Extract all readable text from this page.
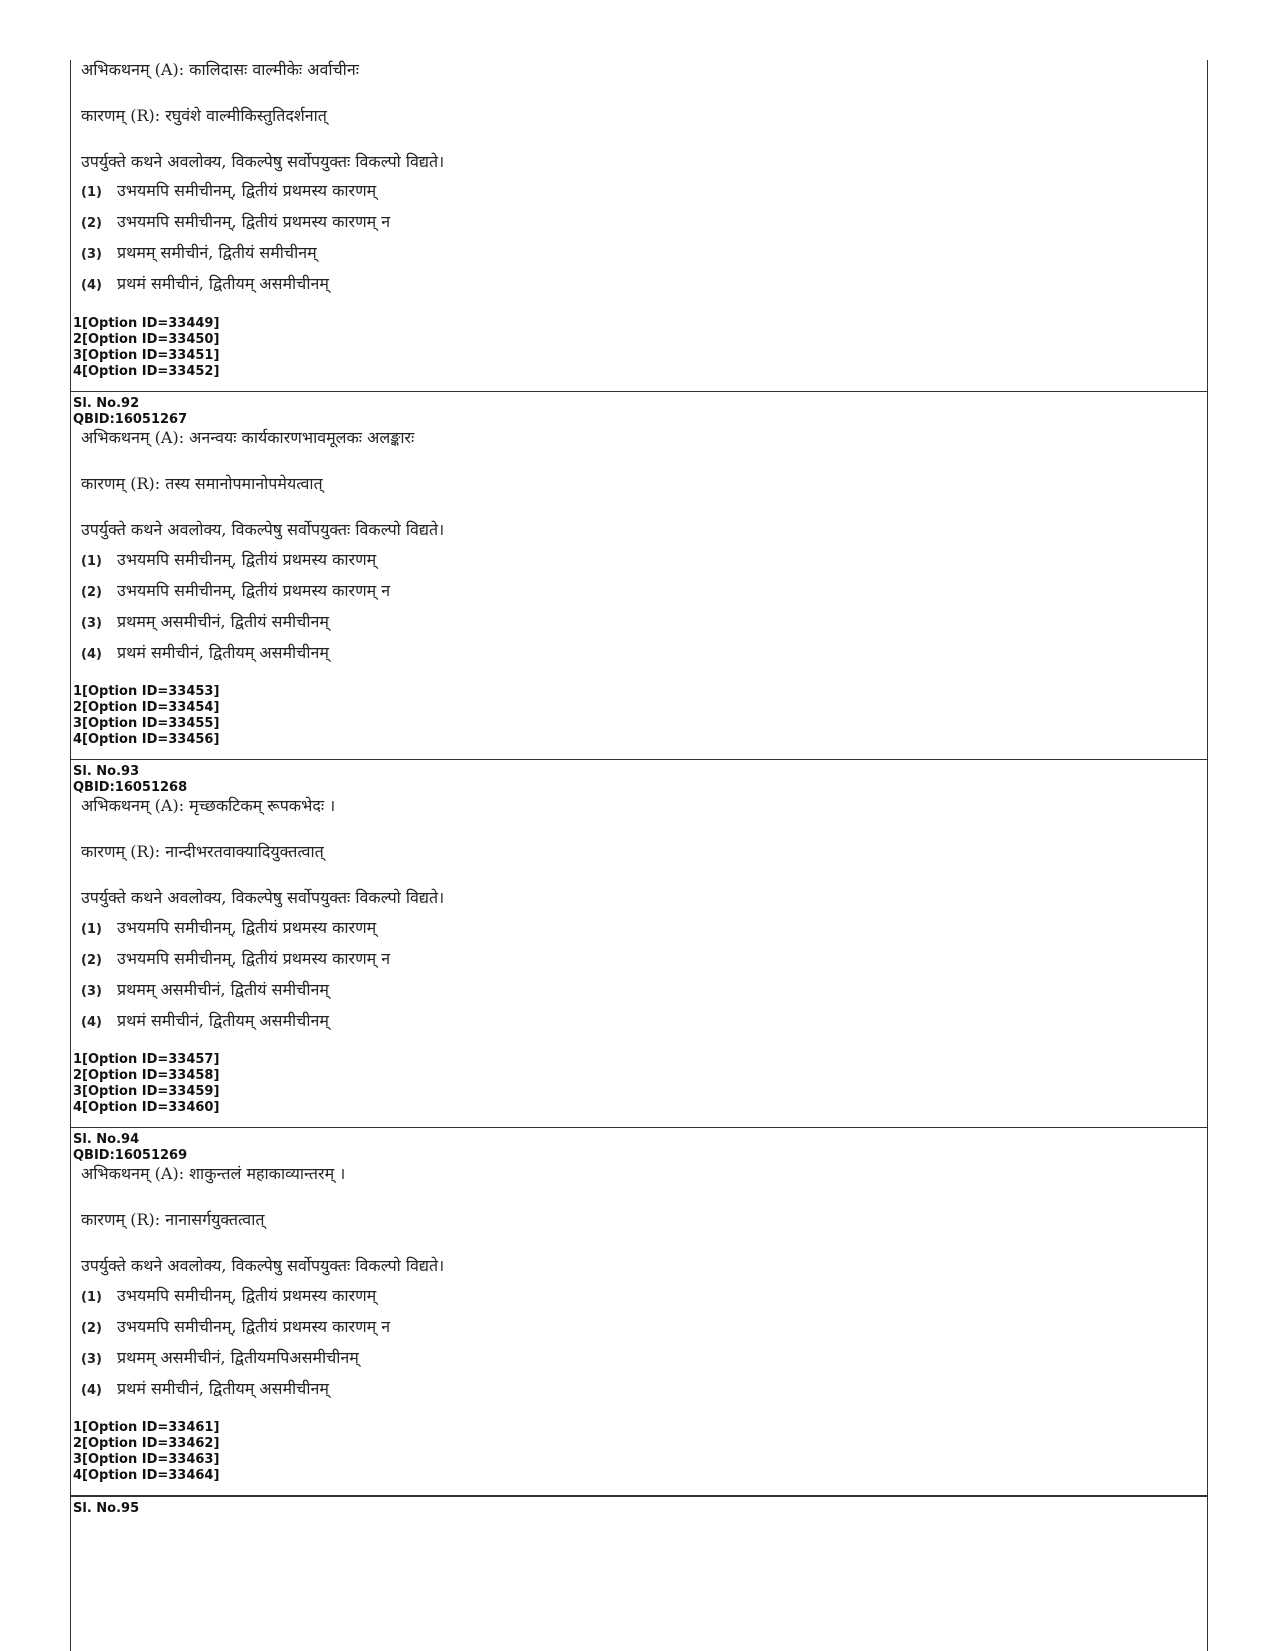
अभिकथनम् (A): कालिदासः वाल्मीकेः अर्वाचीनः
कारणम् (R): रघुवंशे वाल्मीकिस्तुतिदर्शनात्
उपर्युक्ते कथने अवलोक्य, विकल्पेषु सर्वोपयुक्तः विकल्पो विद्यते।
(1) उभयमपि समीचीनम्, द्वितीयं प्रथमस्य कारणम्
(2) उभयमपि समीचीनम्, द्वितीयं प्रथमस्य कारणम् न
(3) प्रथमम् समीचीनं, द्वितीयं समीचीनम्
(4) प्रथमं समीचीनं, द्वितीयम् असमीचीनम्
1[Option ID=33449]
2[Option ID=33450]
3[Option ID=33451]
4[Option ID=33452]
Sl. No.92
QBID:16051267
अभिकथनम् (A): अनन्वयः कार्यकारणभावमूलकः अलङ्कारः
कारणम् (R): तस्य समानोपमानोपमेयत्वात्
उपर्युक्ते कथने अवलोक्य, विकल्पेषु सर्वोपयुक्तः विकल्पो विद्यते।
(1) उभयमपि समीचीनम्, द्वितीयं प्रथमस्य कारणम्
(2) उभयमपि समीचीनम्, द्वितीयं प्रथमस्य कारणम् न
(3) प्रथमम् असमीचीनं, द्वितीयं समीचीनम्
(4) प्रथमं समीचीनं, द्वितीयम् असमीचीनम्
1[Option ID=33453]
2[Option ID=33454]
3[Option ID=33455]
4[Option ID=33456]
Sl. No.93
QBID:16051268
अभिकथनम् (A): मृच्छकटिकम् रूपकभेदः ।
कारणम् (R): नान्दीभरतवाक्यादियुक्तत्वात्
उपर्युक्ते कथने अवलोक्य, विकल्पेषु सर्वोपयुक्तः विकल्पो विद्यते।
(1) उभयमपि समीचीनम्, द्वितीयं प्रथमस्य कारणम्
(2) उभयमपि समीचीनम्, द्वितीयं प्रथमस्य कारणम् न
(3) प्रथमम् असमीचीनं, द्वितीयं समीचीनम्
(4) प्रथमं समीचीनं, द्वितीयम् असमीचीनम्
1[Option ID=33457]
2[Option ID=33458]
3[Option ID=33459]
4[Option ID=33460]
Sl. No.94
QBID:16051269
अभिकथनम् (A): शाकुन्तलं महाकाव्यान्तरम् ।
कारणम् (R): नानासर्गयुक्तत्वात्
उपर्युक्ते कथने अवलोक्य, विकल्पेषु सर्वोपयुक्तः विकल्पो विद्यते।
(1) उभयमपि समीचीनम्, द्वितीयं प्रथमस्य कारणम्
(2) उभयमपि समीचीनम्, द्वितीयं प्रथमस्य कारणम् न
(3) प्रथमम् असमीचीनं, द्वितीयमपिअसमीचीनम्
(4) प्रथमं समीचीनं, द्वितीयम् असमीचीनम्
1[Option ID=33461]
2[Option ID=33462]
3[Option ID=33463]
4[Option ID=33464]
Sl. No.95
